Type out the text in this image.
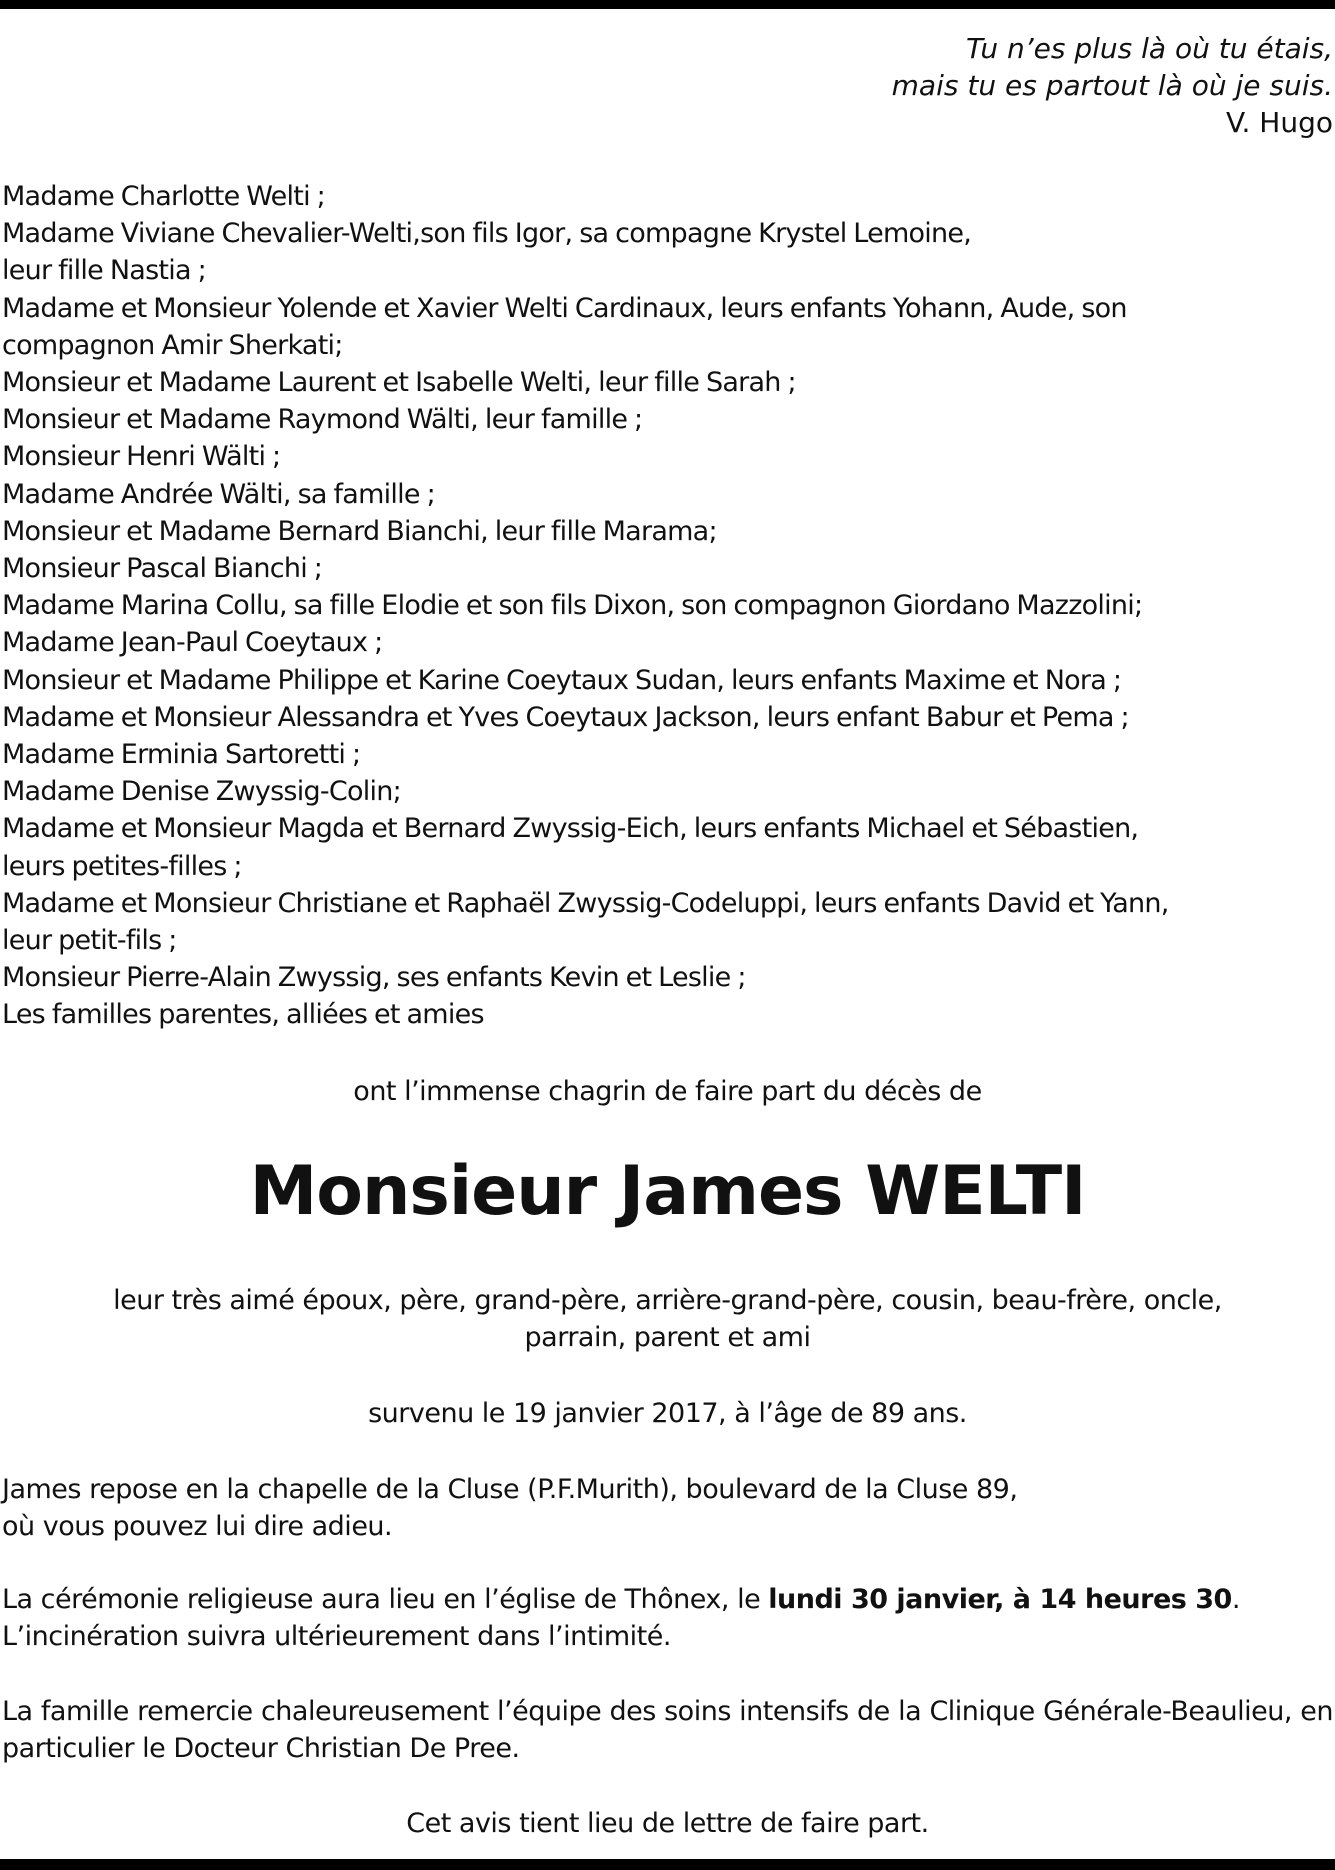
Tu n’es plus là où tu étais,
mais tu es partout là où je suis.
V. Hugo
Madame Charlotte Welti ;
Madame Viviane Chevalier-Welti,son fils Igor, sa compagne Krystel Lemoine,
leur fille Nastia ;
Madame et Monsieur Yolende et Xavier Welti Cardinaux, leurs enfants Yohann, Aude, son
compagnon Amir Sherkati;
Monsieur et Madame Laurent et Isabelle Welti, leur fille Sarah ;
Monsieur et Madame Raymond Wälti, leur famille ;
Monsieur Henri Wälti ;
Madame Andrée Wälti, sa famille ;
Monsieur et Madame Bernard Bianchi, leur fille Marama;
Monsieur Pascal Bianchi ;
Madame Marina Collu, sa fille Elodie et son fils Dixon, son compagnon Giordano Mazzolini;
Madame Jean-Paul Coeytaux ;
Monsieur et Madame Philippe et Karine Coeytaux Sudan, leurs enfants Maxime et Nora ;
Madame et Monsieur Alessandra et Yves Coeytaux Jackson, leurs enfant Babur et Pema ;
Madame Erminia Sartoretti ;
Madame Denise Zwyssig-Colin;
Madame et Monsieur Magda et Bernard Zwyssig-Eich, leurs enfants Michael et Sébastien,
leurs petites-filles ;
Madame et Monsieur Christiane et Raphaël Zwyssig-Codeluppi, leurs enfants David et Yann,
leur petit-fils ;
Monsieur Pierre-Alain Zwyssig, ses enfants Kevin et Leslie ;
Les familles parentes, alliées et amies
ont l’immense chagrin de faire part du décès de
Monsieur James WELTI
leur très aimé époux, père, grand-père, arrière-grand-père, cousin, beau-frère, oncle,
parrain, parent et ami
survenu le 19 janvier 2017, à l’âge de 89 ans.
James repose en la chapelle de la Cluse (P.F.Murith), boulevard de la Cluse 89,
où vous pouvez lui dire adieu.
La cérémonie religieuse aura lieu en l’église de Thônex, le lundi 30 janvier, à 14 heures 30.
L’incinération suivra ultérieurement dans l’intimité.
La famille remercie chaleureusement l’équipe des soins intensifs de la Clinique Générale-Beaulieu, en particulier le Docteur Christian De Pree.
Cet avis tient lieu de lettre de faire part.
